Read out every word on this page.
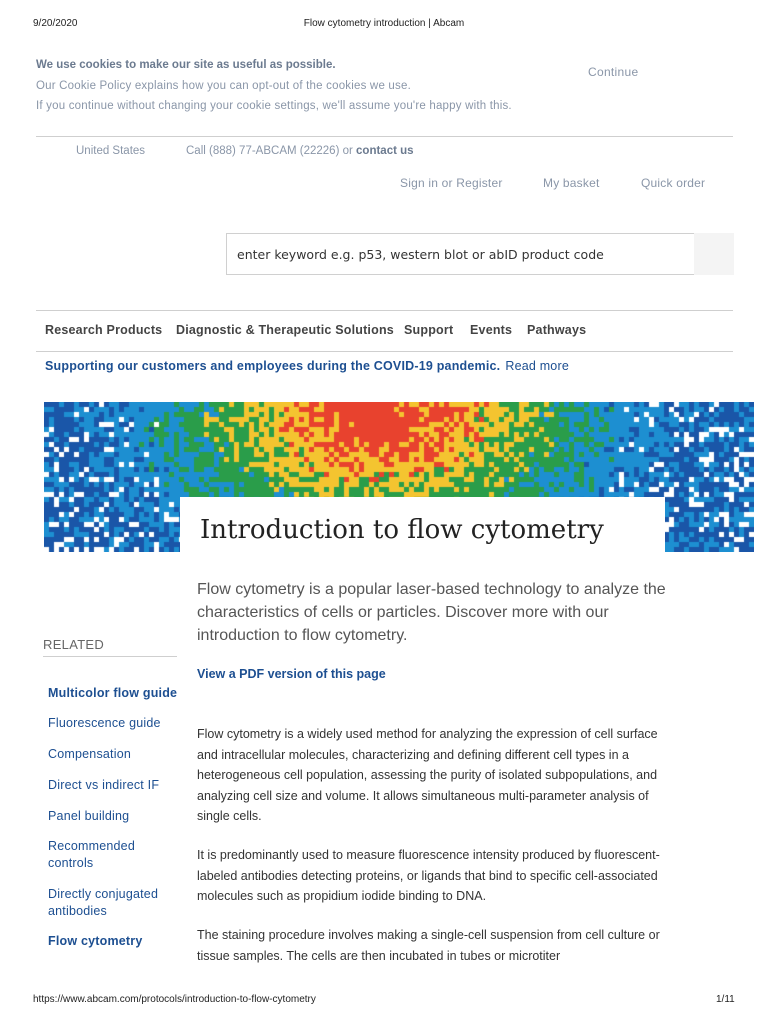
9/20/2020	Flow cytometry introduction | Abcam
We use cookies to make our site as useful as possible.
Our Cookie Policy explains how you can opt-out of the cookies we use.
If you continue without changing your cookie settings, we'll assume you're happy with this.
Continue
United States	Call (888) 77-ABCAM (22226) or contact us
Sign in or Register	My basket	Quick order
enter keyword e.g. p53, western blot or abID product code
Research Products Diagnostic & Therapeutic Solutions Support Events Pathways
Supporting our customers and employees during the COVID-19 pandemic. Read more
Introduction to flow cytometry
Flow cytometry is a popular laser-based technology to analyze the characteristics of cells or particles. Discover more with our introduction to flow cytometry.
View a PDF version of this page
RELATED
Multicolor flow guide
Fluorescence guide
Compensation
Direct vs indirect IF
Panel building
Recommended controls
Directly conjugated antibodies
Flow cytometry
Flow cytometry is a widely used method for analyzing the expression of cell surface and intracellular molecules, characterizing and defining different cell types in a heterogeneous cell population, assessing the purity of isolated subpopulations, and analyzing cell size and volume. It allows simultaneous multi-parameter analysis of single cells.
It is predominantly used to measure fluorescence intensity produced by fluorescent-labeled antibodies detecting proteins, or ligands that bind to specific cell-associated molecules such as propidium iodide binding to DNA.
The staining procedure involves making a single-cell suspension from cell culture or tissue samples. The cells are then incubated in tubes or microtiter
https://www.abcam.com/protocols/introduction-to-flow-cytometry	1/11
